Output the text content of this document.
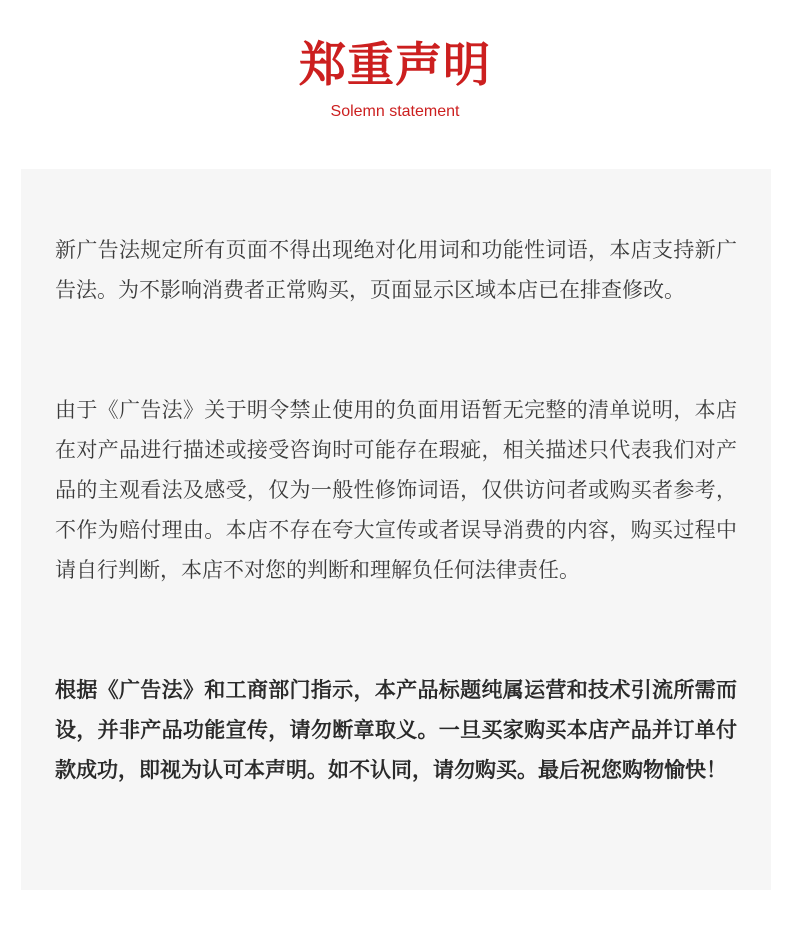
郑重声明

Solemn statement

新广告法规定所有页面不得出现绝对化用词和功能性词语，本店支持新广告法。为不影响消费者正常购买，页面显示区域本店已在排查修改。

由于《广告法》关于明令禁止使用的负面用语暂无完整的清单说明，本店在对产品进行描述或接受咨询时可能存在瑕疵，相关描述只代表我们对产品的主观看法及感受，仅为一般性修饰词语，仅供访问者或购买者参考，不作为赔付理由。本店不存在夸大宣传或者误导消费的内容，购买过程中请自行判断，本店不对您的判断和理解负任何法律责任。

根据《广告法》和工商部门指示，本产品标题纯属运营和技术引流所需而设，并非产品功能宣传，请勿断章取义。一旦买家购买本店产品并订单付款成功，即视为认可本声明。如不认同，请勿购买。最后祝您购物愉快！
